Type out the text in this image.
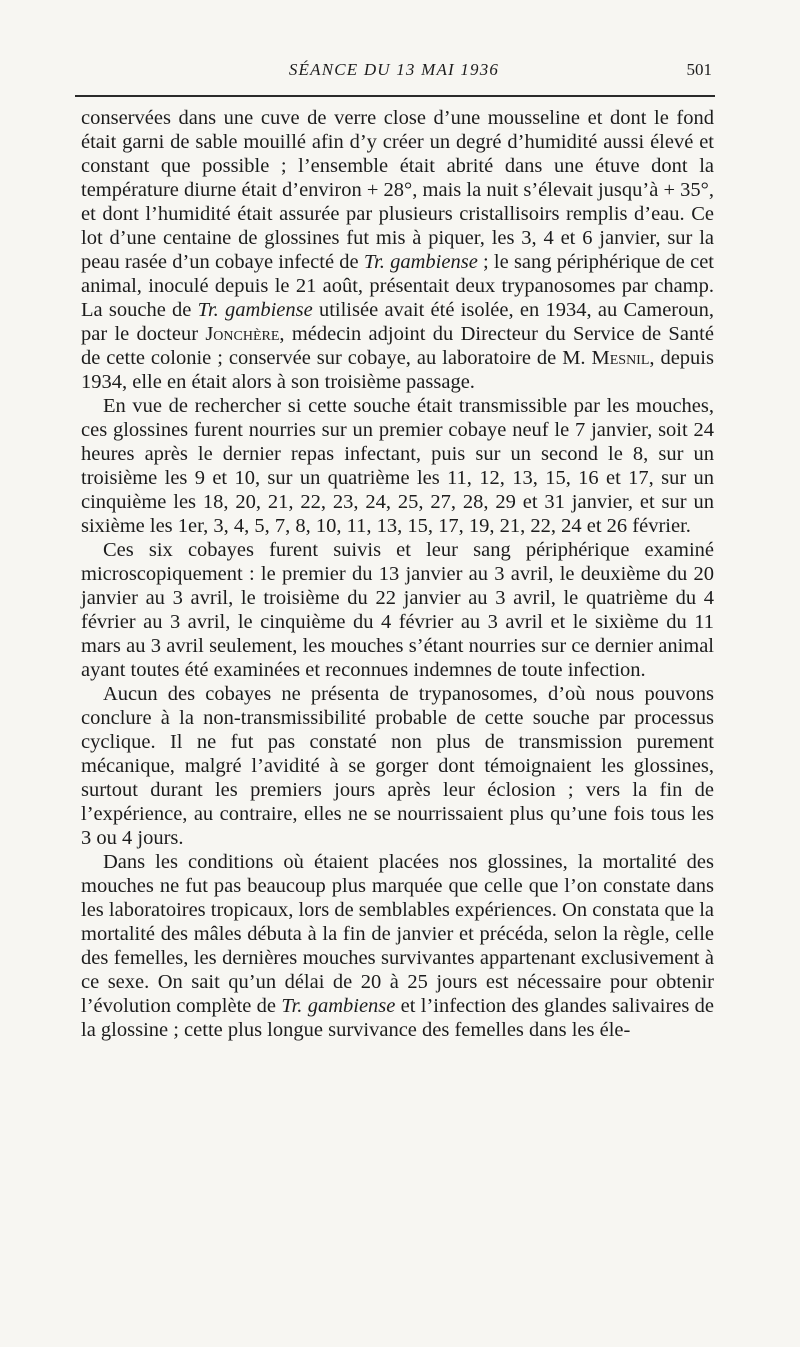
SÉANCE DU 13 MAI 1936	501

conservées dans une cuve de verre close d’une mousseline et dont le fond était garni de sable mouillé afin d’y créer un degré d’humidité aussi élevé et constant que possible ; l’ensemble était abrité dans une étuve dont la température diurne était d’environ + 28°, mais la nuit s’élevait jusqu’à + 35°, et dont l’humidité était assurée par plusieurs cristallisoirs remplis d’eau. Ce lot d’une centaine de glossines fut mis à piquer, les 3, 4 et 6 janvier, sur la peau rasée d’un cobaye infecté de Tr. gambiense ; le sang périphérique de cet animal, inoculé depuis le 21 août, présentait deux trypanosomes par champ. La souche de Tr. gambiense utilisée avait été isolée, en 1934, au Cameroun, par le docteur Jonchère, médecin adjoint du Directeur du Service de Santé de cette colonie ; conservée sur cobaye, au laboratoire de M. Mesnil, depuis 1934, elle en était alors à son troisième passage.

En vue de rechercher si cette souche était transmissible par les mouches, ces glossines furent nourries sur un premier cobaye neuf le 7 janvier, soit 24 heures après le dernier repas infectant, puis sur un second le 8, sur un troisième les 9 et 10, sur un quatrième les 11, 12, 13, 15, 16 et 17, sur un cinquième les 18, 20, 21, 22, 23, 24, 25, 27, 28, 29 et 31 janvier, et sur un sixième les 1er, 3, 4, 5, 7, 8, 10, 11, 13, 15, 17, 19, 21, 22, 24 et 26 février.

Ces six cobayes furent suivis et leur sang périphérique examiné microscopiquement : le premier du 13 janvier au 3 avril, le deuxième du 20 janvier au 3 avril, le troisième du 22 janvier au 3 avril, le quatrième du 4 février au 3 avril, le cinquième du 4 février au 3 avril et le sixième du 11 mars au 3 avril seulement, les mouches s’étant nourries sur ce dernier animal ayant toutes été examinées et reconnues indemnes de toute infection.

Aucun des cobayes ne présenta de trypanosomes, d’où nous pouvons conclure à la non-transmissibilité probable de cette souche par processus cyclique. Il ne fut pas constaté non plus de transmission purement mécanique, malgré l’avidité à se gorger dont témoignaient les glossines, surtout durant les premiers jours après leur éclosion ; vers la fin de l’expérience, au contraire, elles ne se nourrissaient plus qu’une fois tous les 3 ou 4 jours.

Dans les conditions où étaient placées nos glossines, la mortalité des mouches ne fut pas beaucoup plus marquée que celle que l’on constate dans les laboratoires tropicaux, lors de semblables expériences. On constata que la mortalité des mâles débuta à la fin de janvier et précéda, selon la règle, celle des femelles, les dernières mouches survivantes appartenant exclusivement à ce sexe. On sait qu’un délai de 20 à 25 jours est nécessaire pour obtenir l’évolution complète de Tr. gambiense et l’infection des glandes salivaires de la glossine ; cette plus longue survivance des femelles dans les éle-
